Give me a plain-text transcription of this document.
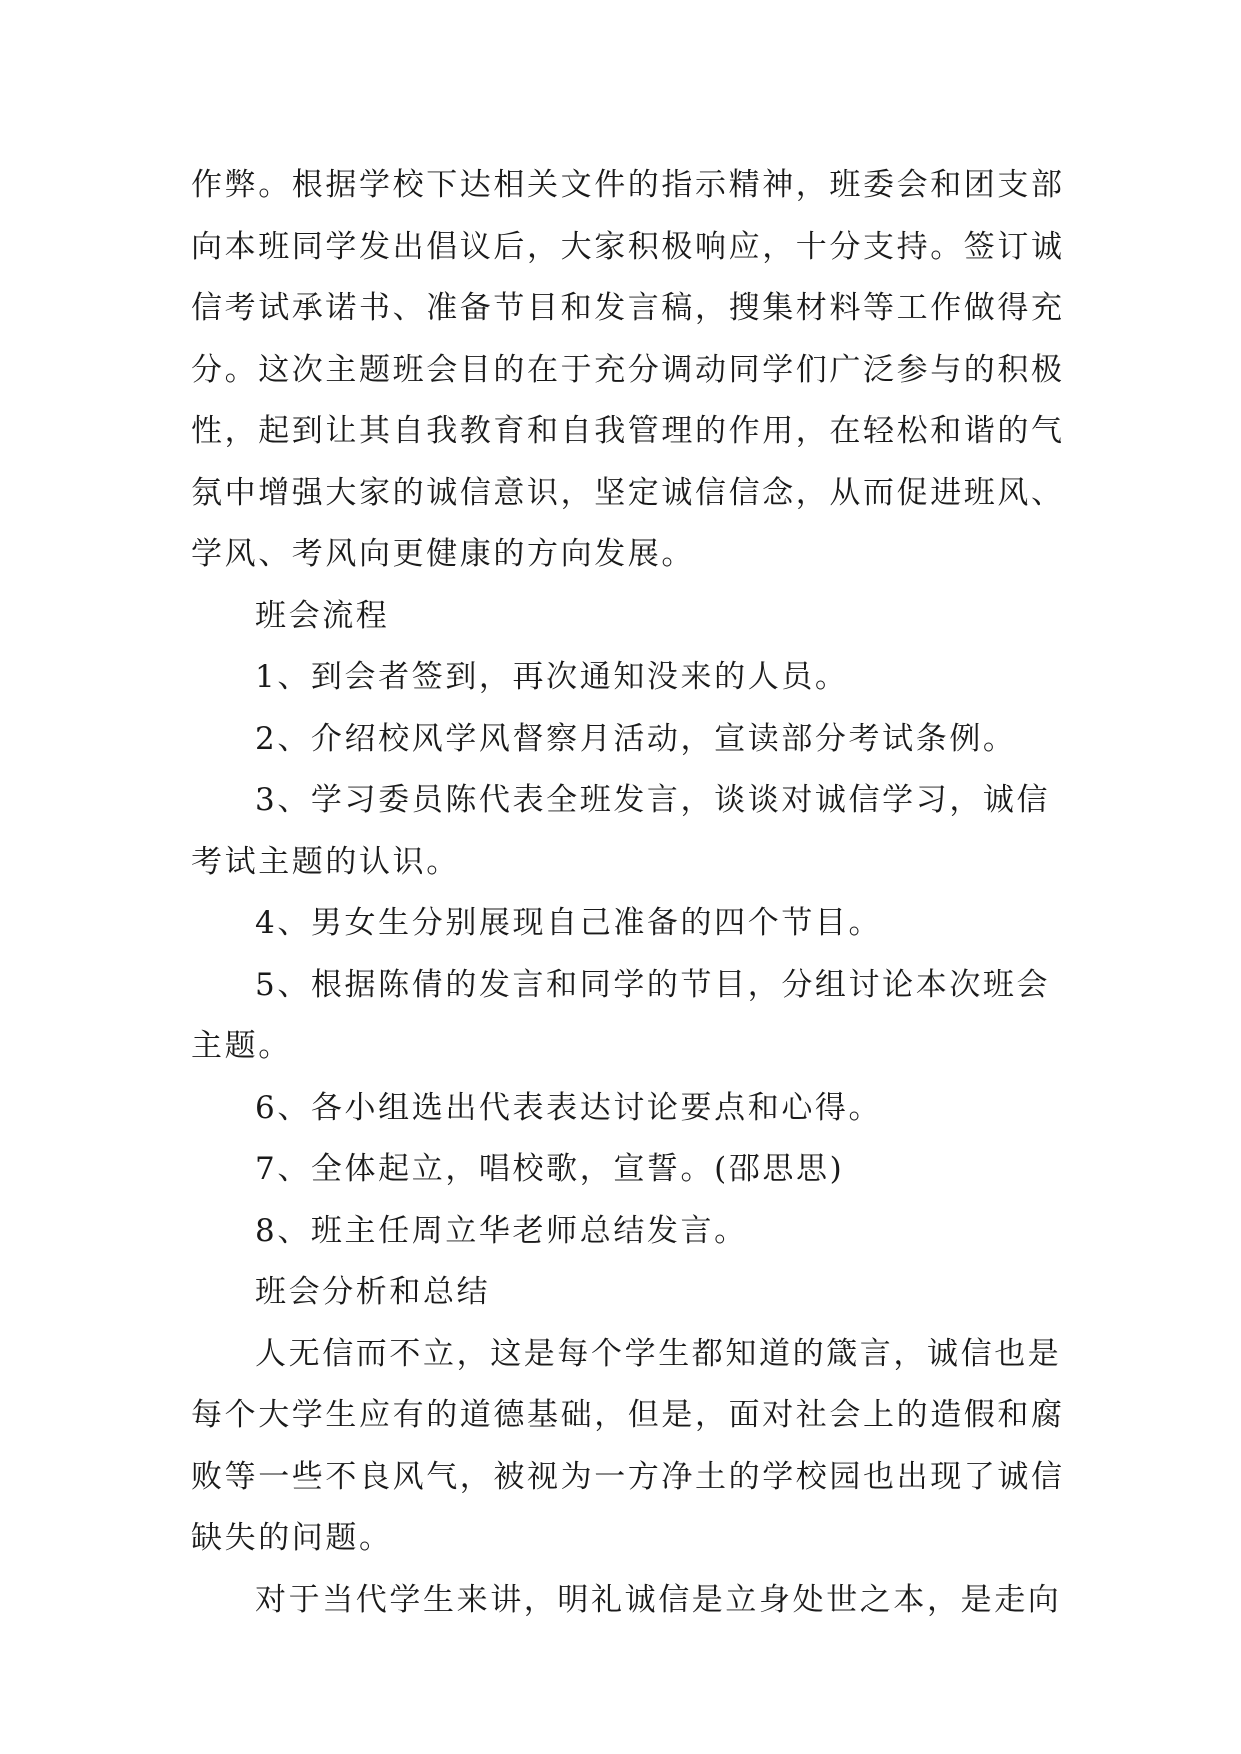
作弊。根据学校下达相关文件的指示精神，班委会和团支部

向本班同学发出倡议后，大家积极响应，十分支持。签订诚

信考试承诺书、准备节目和发言稿，搜集材料等工作做得充

分。这次主题班会目的在于充分调动同学们广泛参与的积极

性，起到让其自我教育和自我管理的作用，在轻松和谐的气

氛中增强大家的诚信意识，坚定诚信信念，从而促进班风、

学风、考风向更健康的方向发展。

班会流程

1、到会者签到，再次通知没来的人员。

2、介绍校风学风督察月活动，宣读部分考试条例。

3、学习委员陈代表全班发言，谈谈对诚信学习，诚信

考试主题的认识。

4、男女生分别展现自己准备的四个节目。

5、根据陈倩的发言和同学的节目，分组讨论本次班会

主题。

6、各小组选出代表表达讨论要点和心得。

7、全体起立，唱校歌，宣誓。(邵思思)

8、班主任周立华老师总结发言。

班会分析和总结

人无信而不立，这是每个学生都知道的箴言，诚信也是

每个大学生应有的道德基础，但是，面对社会上的造假和腐

败等一些不良风气，被视为一方净土的学校园也出现了诚信

缺失的问题。

对于当代学生来讲，明礼诚信是立身处世之本，是走向
